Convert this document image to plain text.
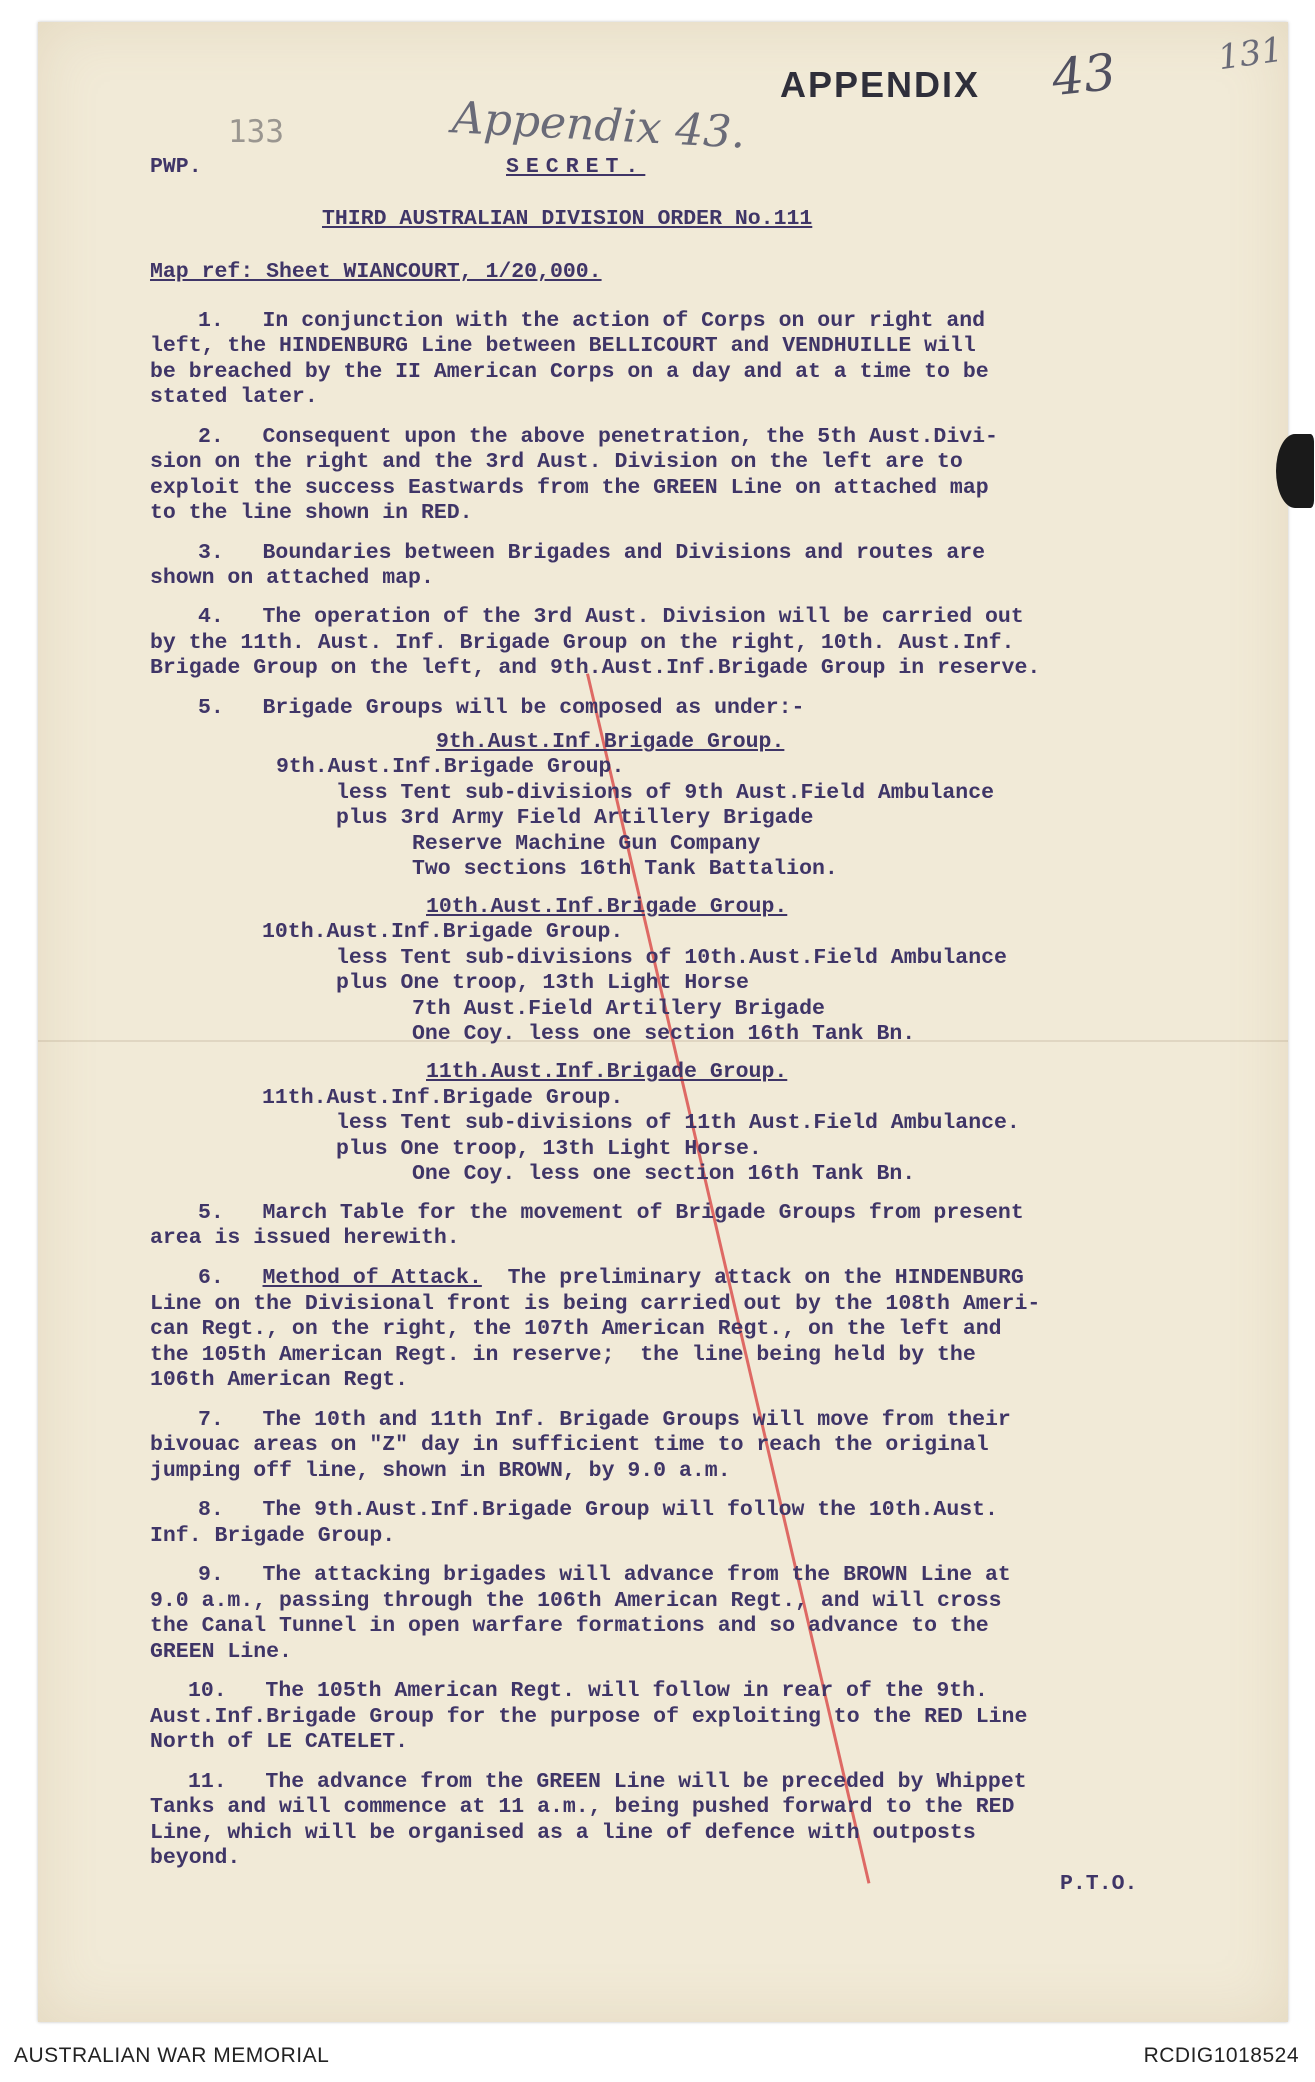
APPENDIX 43	131
Appendix 43.
133
PWP.	SECRET.
THIRD AUSTRALIAN DIVISION ORDER No.111
Map ref: Sheet WIANCOURT, 1/20,000.
1.   In conjunction with the action of Corps on our right and
left, the HINDENBURG Line between BELLICOURT and VENDHUILLE will
be breached by the II American Corps on a day and at a time to be
stated later.
2.   Consequent upon the above penetration, the 5th Aust.Divi-
sion on the right and the 3rd Aust. Division on the left are to
exploit the success Eastwards from the GREEN Line on attached map
to the line shown in RED.
3.   Boundaries between Brigades and Divisions and routes are
shown on attached map.
4.   The operation of the 3rd Aust. Division will be carried out
by the 11th. Aust. Inf. Brigade Group on the right, 10th. Aust.Inf.
Brigade Group on the left, and 9th.Aust.Inf.Brigade Group in reserve.
5.   Brigade Groups will be composed as under:-
9th.Aust.Inf.Brigade Group.
9th.Aust.Inf.Brigade Group.
less Tent sub-divisions of 9th Aust.Field Ambulance
plus 3rd Army Field Artillery Brigade
Reserve Machine Gun Company
Two sections 16th Tank Battalion.
10th.Aust.Inf.Brigade Group.
10th.Aust.Inf.Brigade Group.
less Tent sub-divisions of 10th.Aust.Field Ambulance
plus One troop, 13th Light Horse
7th Aust.Field Artillery Brigade
One Coy. less one section 16th Tank Bn.
11th.Aust.Inf.Brigade Group.
11th.Aust.Inf.Brigade Group.
less Tent sub-divisions of 11th Aust.Field Ambulance.
plus One troop, 13th Light Horse.
One Coy. less one section 16th Tank Bn.
5.   March Table for the movement of Brigade Groups from present
area is issued herewith.
6.   Method of Attack.  The preliminary attack on the HINDENBURG
Line on the Divisional front is being carried out by the 108th Ameri-
can Regt., on the right, the 107th American Regt., on the left and
the 105th American Regt. in reserve;  the line being held by the
106th American Regt.
7.   The 10th and 11th Inf. Brigade Groups will move from their
bivouac areas on "Z" day in sufficient time to reach the original
jumping off line, shown in BROWN, by 9.0 a.m.
8.   The 9th.Aust.Inf.Brigade Group will follow the 10th.Aust.
Inf. Brigade Group.
9.   The attacking brigades will advance from the BROWN Line at
9.0 a.m., passing through the 106th American Regt., and will cross
the Canal Tunnel in open warfare formations and so advance to the
GREEN Line.
10.   The 105th American Regt. will follow in rear of the 9th.
Aust.Inf.Brigade Group for the purpose of exploiting to the RED Line
North of LE CATELET.
11.   The advance from the GREEN Line will be preceded by Whippet
Tanks and will commence at 11 a.m., being pushed forward to the RED
Line, which will be organised as a line of defence with outposts
beyond.
P.T.O.
AUSTRALIAN WAR MEMORIAL	RCDIG1018524
